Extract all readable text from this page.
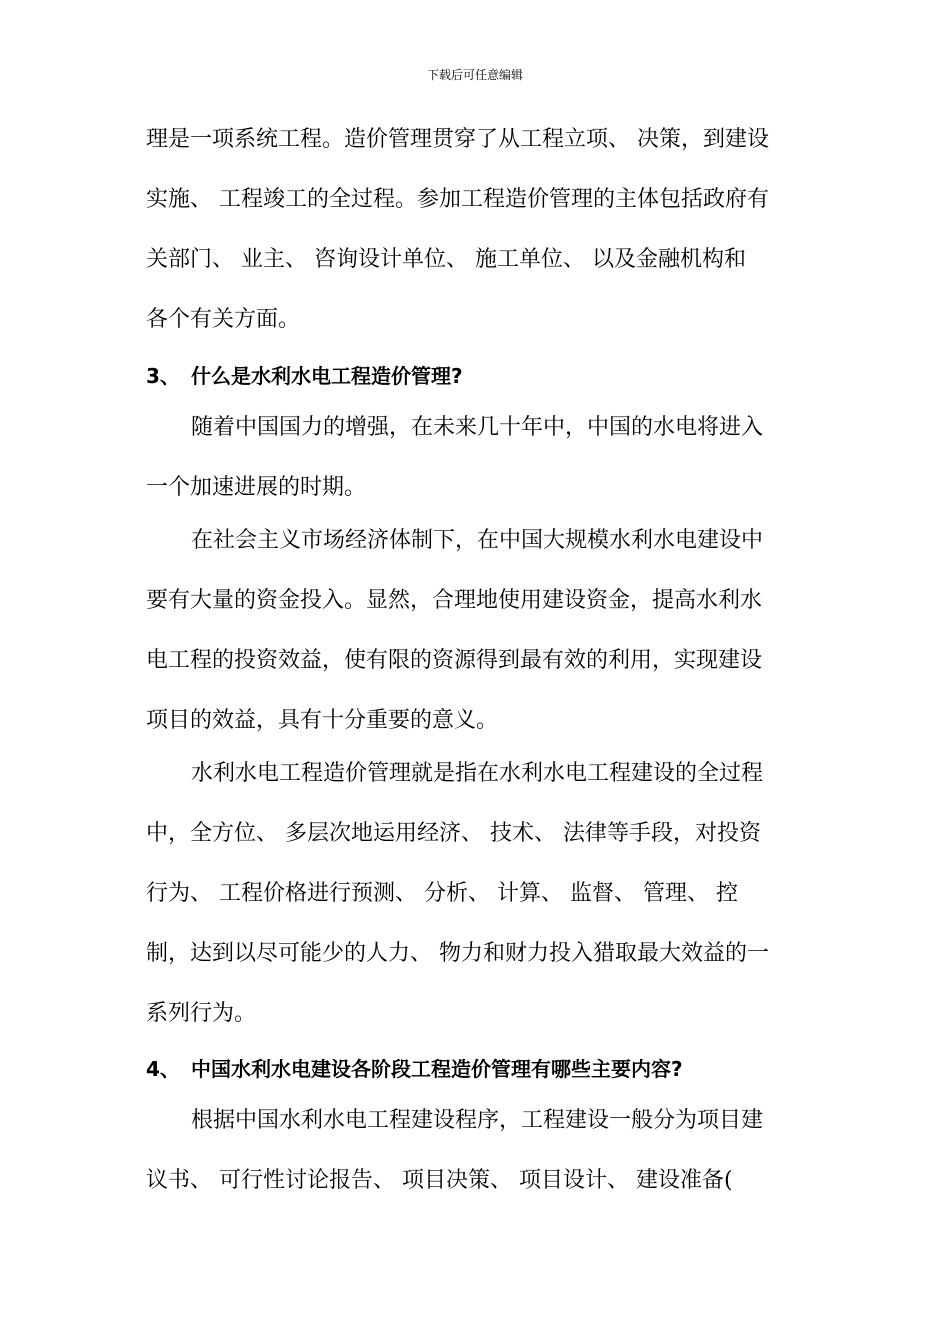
下载后可任意编辑
理是一项系统工程。造价管理贯穿了从工程立项、 决策，到建设
实施、 工程竣工的全过程。参加工程造价管理的主体包括政府有
关部门、 业主、 咨询设计单位、 施工单位、 以及金融机构和
各个有关方面。
3、 什么是水利水电工程造价管理?
随着中国国力的增强，在未来几十年中，中国的水电将进入
一个加速进展的时期。
在社会主义市场经济体制下，在中国大规模水利水电建设中
要有大量的资金投入。显然，合理地使用建设资金，提高水利水
电工程的投资效益，使有限的资源得到最有效的利用，实现建设
项目的效益，具有十分重要的意义。
水利水电工程造价管理就是指在水利水电工程建设的全过程
中，全方位、 多层次地运用经济、 技术、 法律等手段，对投资
行为、 工程价格进行预测、 分析、 计算、 监督、 管理、 控
制，达到以尽可能少的人力、 物力和财力投入猎取最大效益的一
系列行为。
4、 中国水利水电建设各阶段工程造价管理有哪些主要内容?
根据中国水利水电工程建设程序，工程建设一般分为项目建
议书、 可行性讨论报告、 项目决策、 项目设计、 建设准备(
